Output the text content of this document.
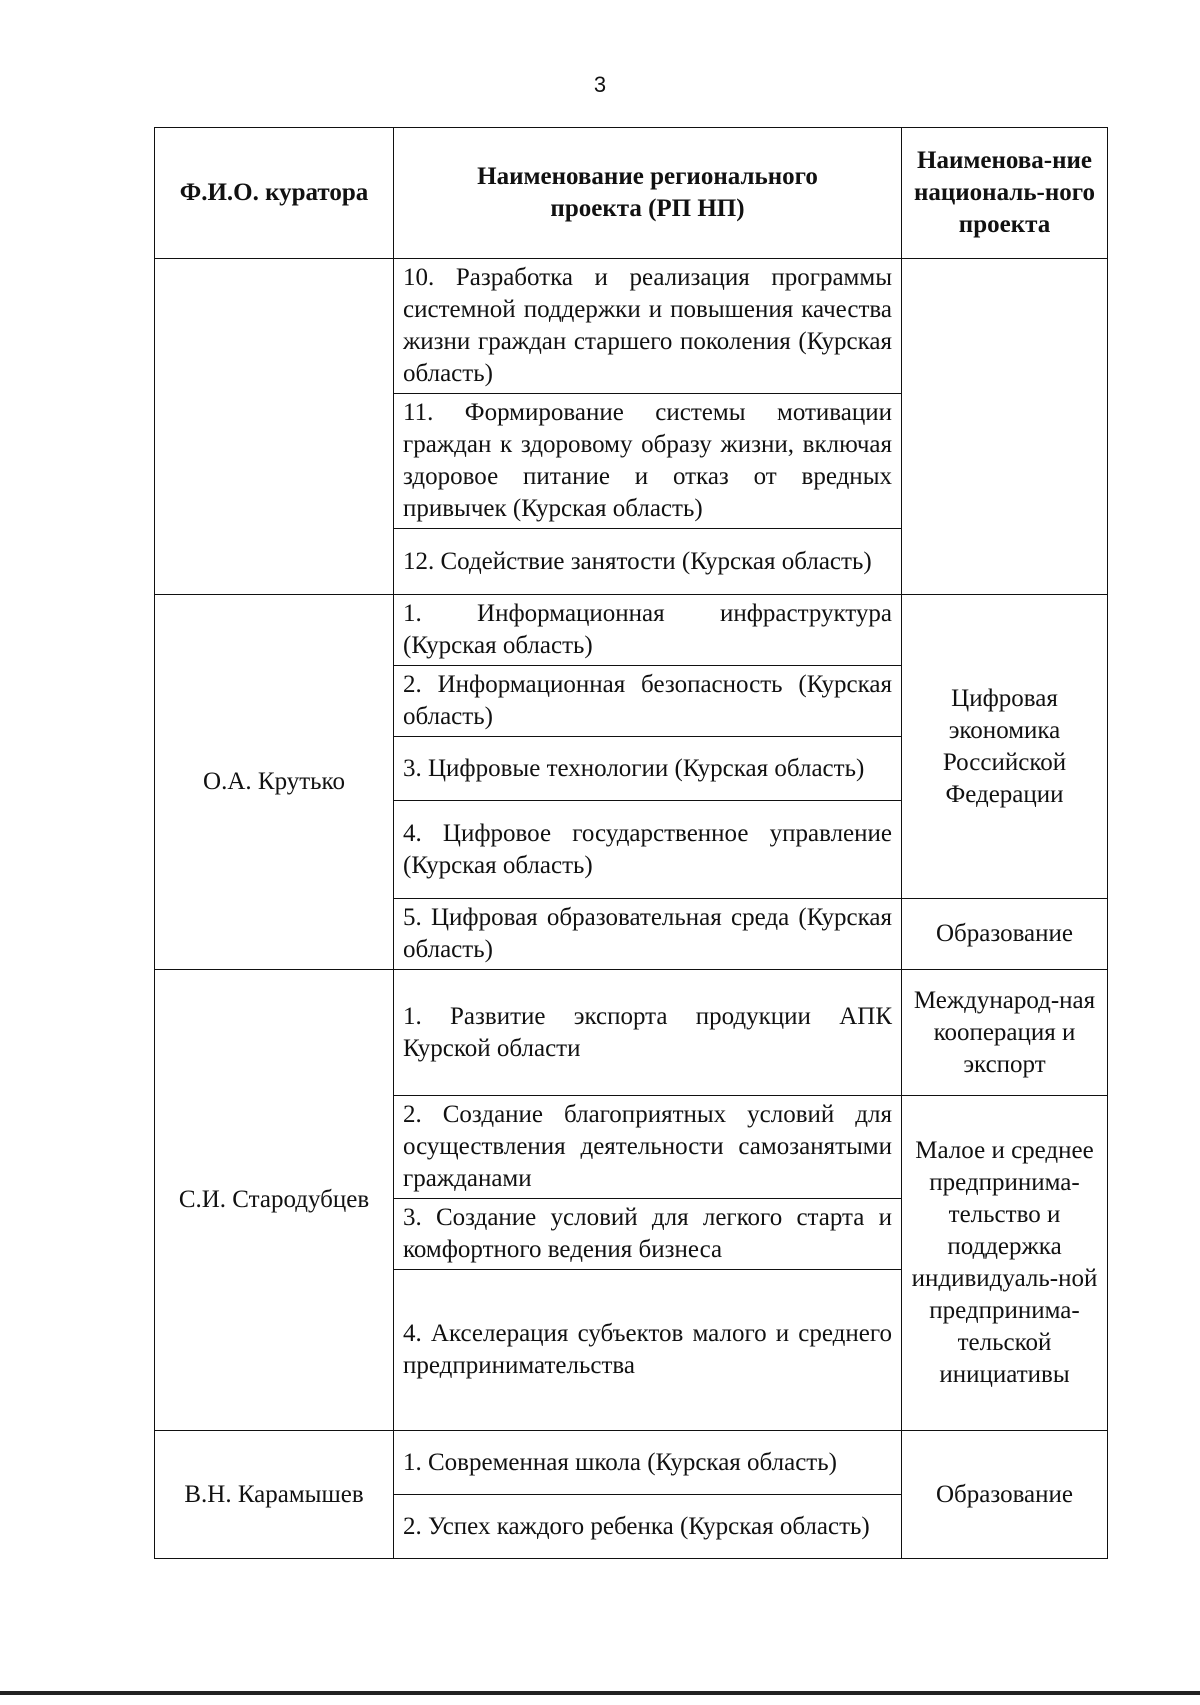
3
Ф.И.О. куратора	Наименование регионального проекта (РП НП)	Наименова-ние националь-ного проекта
	10. Разработка и реализация программы системной поддержки и повышения качества жизни граждан старшего поколения (Курская область)	
	11. Формирование системы мотивации граждан к здоровому образу жизни, включая здоровое питание и отказ от вредных привычек (Курская область)	
	12. Содействие занятости (Курская область)	
О.А. Крутько	1. Информационная инфраструктура (Курская область)	Цифровая экономика Российской Федерации
	2. Информационная безопасность (Курская область)	
	3. Цифровые технологии (Курская область)	
	4. Цифровое государственное управление (Курская область)	
	5. Цифровая образовательная среда (Курская область)	Образование
С.И. Стародубцев	1. Развитие экспорта продукции АПК Курской области	Международ-ная кооперация и экспорт
	2. Создание благоприятных условий для осуществления деятельности самозанятыми гражданами	Малое и среднее предпринима-тельство и поддержка индивидуаль-ной предпринима-тельской инициативы
	3. Создание условий для легкого старта и комфортного ведения бизнеса	
	4. Акселерация субъектов малого и среднего предпринимательства	
В.Н. Карамышев	1. Современная школа (Курская область)	Образование
	2. Успех каждого ребенка (Курская область)	
